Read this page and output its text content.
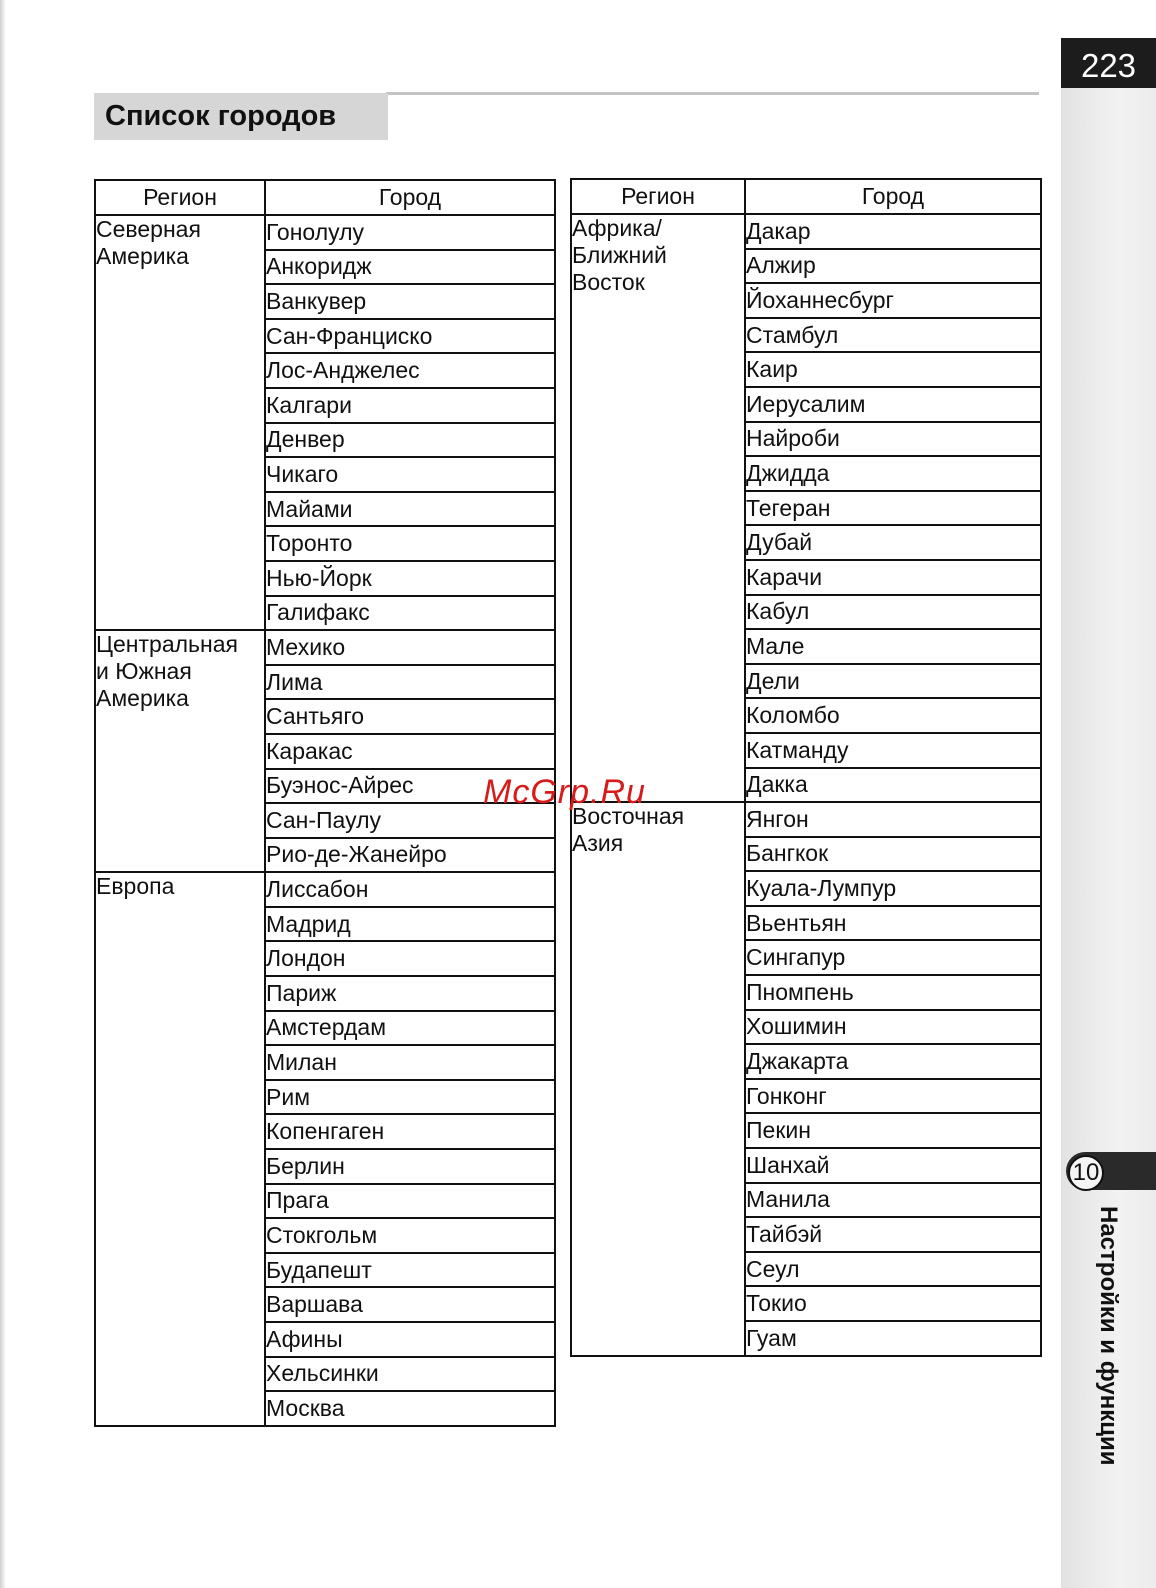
223
10
Настройки и функции
Список городов
Регион	Город
Северная
Америка	Гонолулу
	Анкоридж
	Ванкувер
	Сан-Франциско
	Лос-Анджелес
	Калгари
	Денвер
	Чикаго
	Майами
	Торонто
	Нью-Йорк
	Галифакс
Центральная
и Южная
Америка	Мехико
	Лима
	Сантьяго
	Каракас
	Буэнос-Айрес
	Сан-Паулу
	Рио-де-Жанейро
Европа	Лиссабон
	Мадрид
	Лондон
	Париж
	Амстердам
	Милан
	Рим
	Копенгаген
	Берлин
	Прага
	Стокгольм
	Будапешт
	Варшава
	Афины
	Хельсинки
	Москва
Регион	Город
Африка/
Ближний
Восток	Дакар
	Алжир
	Йоханнесбург
	Стамбул
	Каир
	Иерусалим
	Найроби
	Джидда
	Тегеран
	Дубай
	Карачи
	Кабул
	Мале
	Дели
	Коломбо
	Катманду
	Дакка
Восточная
Азия	Янгон
	Бангкок
	Куала-Лумпур
	Вьентьян
	Сингапур
	Пномпень
	Хошимин
	Джакарта
	Гонконг
	Пекин
	Шанхай
	Манила
	Тайбэй
	Сеул
	Токио
	Гуам
McGrp.Ru
